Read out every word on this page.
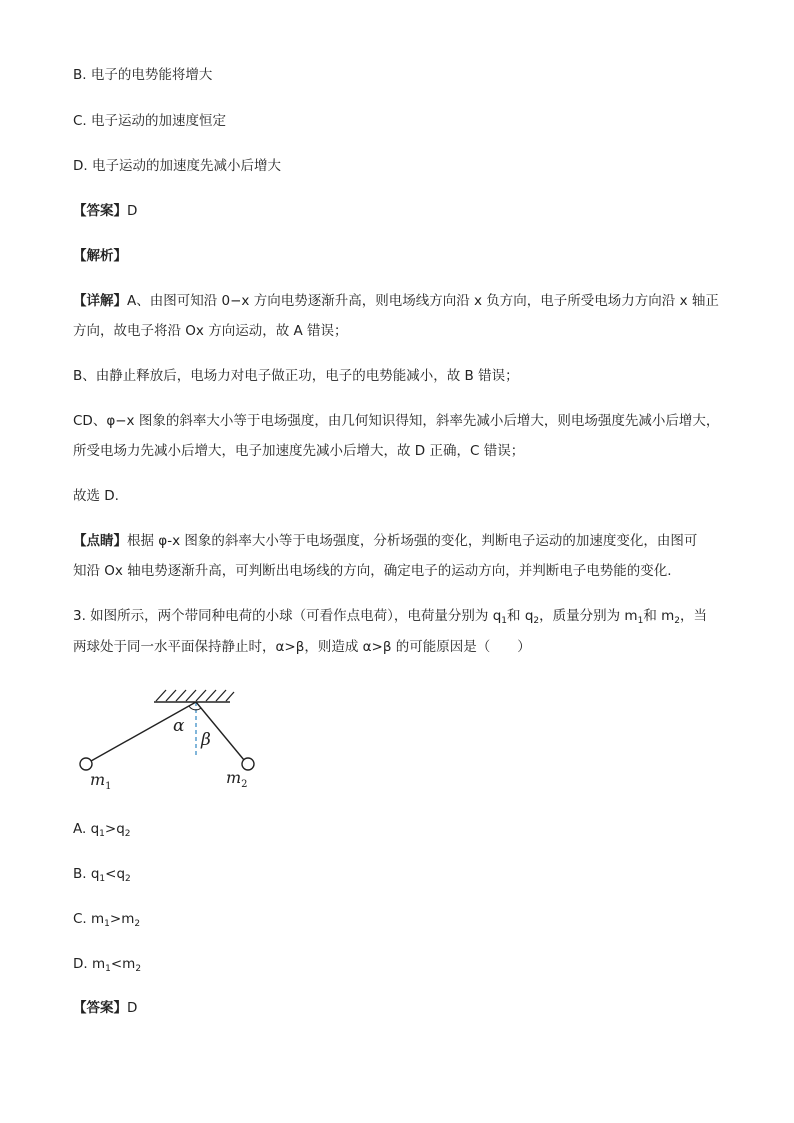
B. 电子的电势能将增大
C. 电子运动的加速度恒定
D. 电子运动的加速度先减小后增大
【答案】D
【解析】
【详解】A、由图可知沿 0−x 方向电势逐渐升高，则电场线方向沿 x 负方向，电子所受电场力方向沿 x 轴正
方向，故电子将沿 Ox 方向运动，故 A 错误；
B、由静止释放后，电场力对电子做正功，电子的电势能减小，故 B 错误；
CD、φ−x 图象的斜率大小等于电场强度，由几何知识得知，斜率先减小后增大，则电场强度先减小后增大，
所受电场力先减小后增大，电子加速度先减小后增大，故 D 正确，C 错误；
故选 D.
【点睛】根据 φ-x 图象的斜率大小等于电场强度，分析场强的变化，判断电子运动的加速度变化，由图可
知沿 Ox 轴电势逐渐升高，可判断出电场线的方向，确定电子的运动方向，并判断电子电势能的变化.
3. 如图所示，两个带同种电荷的小球（可看作点电荷），电荷量分别为 $q_1$和 $q_2$，质量分别为 $m_1$和 $m_2$，当
两球处于同一水平面保持静止时，α>β，则造成 α>β 的可能原因是（　　）
α
β
$m_1$	$m_2$
A. $q_1>q_2$
B. $q_1<q_2$
C. $m_1>m_2$
D. $m_1<m_2$
【答案】D
